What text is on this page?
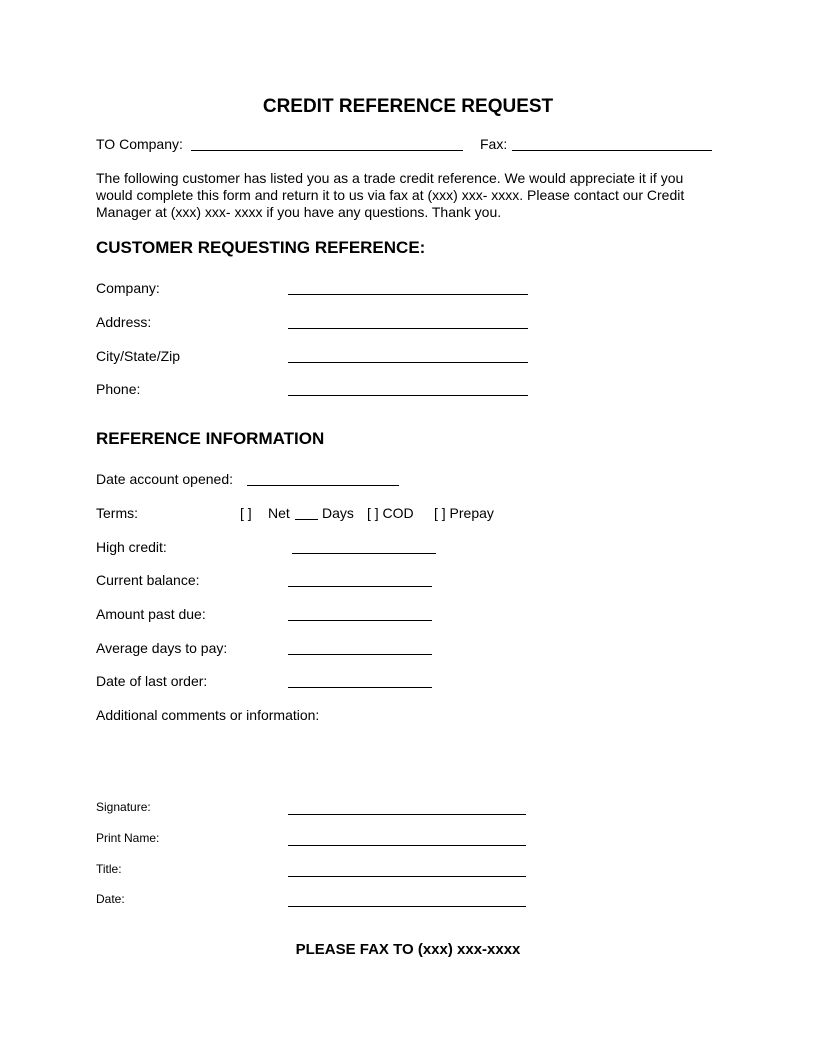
CREDIT REFERENCE REQUEST
TO Company:	Fax:
The following customer has listed you as a trade credit reference. We would appreciate it if you
would complete this form and return it to us via fax at (xxx) xxx- xxxx. Please contact our Credit
Manager at (xxx) xxx- xxxx if you have any questions. Thank you.
CUSTOMER REQUESTING REFERENCE:
Company:
Address:
City/State/Zip
Phone:
REFERENCE INFORMATION
Date account opened:
Terms:	[ ] Net Days [ ] COD [ ] Prepay
High credit:
Current balance:
Amount past due:
Average days to pay:
Date of last order:
Additional comments or information:
Signature:
Print Name:
Title:
Date:
PLEASE FAX TO (xxx) xxx-xxxx
